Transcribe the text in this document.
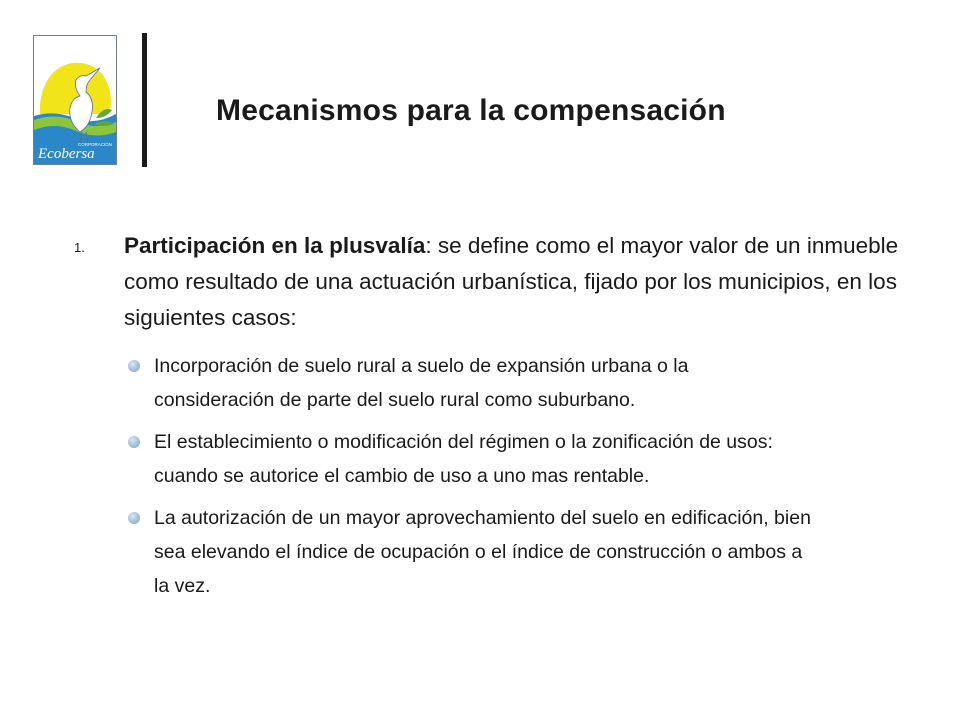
CORPORACIÓN
Ecobersa
Mecanismos para la compensación
1. Participación en la plusvalía: se define como el mayor valor de un inmueble como resultado de una actuación urbanística, fijado por los municipios, en los siguientes casos:
Incorporación de suelo rural a suelo de expansión urbana o la consideración de parte del suelo rural como suburbano.
El establecimiento o modificación del régimen o la zonificación de usos: cuando se autorice el cambio de uso a uno mas rentable.
La autorización de un mayor aprovechamiento del suelo en edificación, bien sea elevando el índice de ocupación o el índice de construcción o ambos a la vez.
